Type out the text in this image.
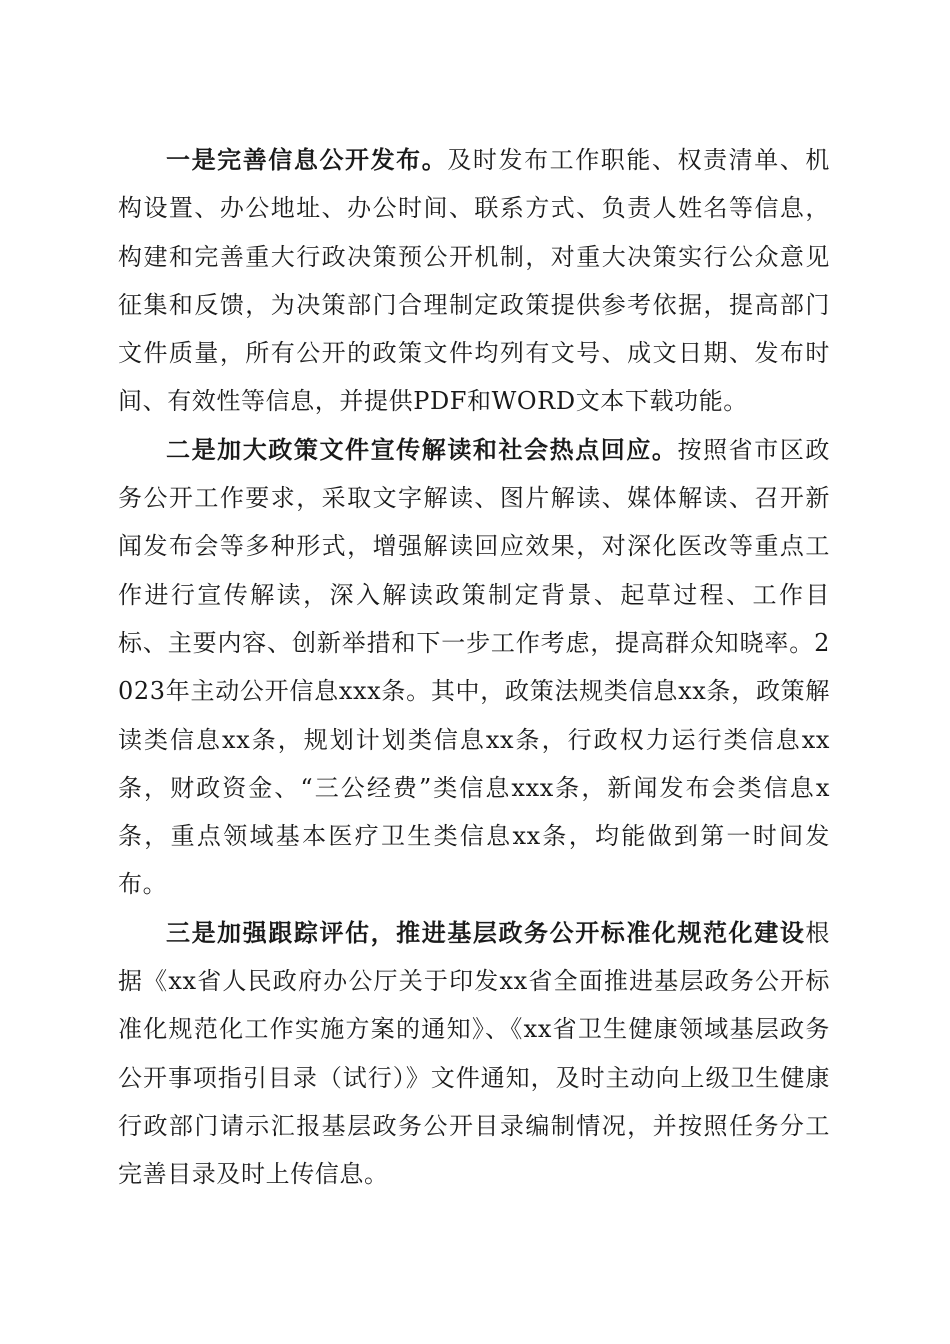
一是完善信息公开发布。及时发布工作职能、权责清单、机构设置、办公地址、办公时间、联系方式、负责人姓名等信息，构建和完善重大行政决策预公开机制，对重大决策实行公众意见征集和反馈，为决策部门合理制定政策提供参考依据，提高部门文件质量，所有公开的政策文件均列有文号、成文日期、发布时间、有效性等信息，并提供PDF和WORD文本下载功能。

二是加大政策文件宣传解读和社会热点回应。按照省市区政务公开工作要求，采取文字解读、图片解读、媒体解读、召开新闻发布会等多种形式，增强解读回应效果，对深化医改等重点工作进行宣传解读，深入解读政策制定背景、起草过程、工作目标、主要内容、创新举措和下一步工作考虑，提高群众知晓率。2023年主动公开信息xxx条。其中，政策法规类信息xx条，政策解读类信息xx条，规划计划类信息xx条，行政权力运行类信息xx条，财政资金、“三公经费”类信息xxx条，新闻发布会类信息x条，重点领域基本医疗卫生类信息xx条，均能做到第一时间发布。

三是加强跟踪评估，推进基层政务公开标准化规范化建设根据《xx省人民政府办公厅关于印发xx省全面推进基层政务公开标准化规范化工作实施方案的通知》、《xx省卫生健康领域基层政务公开事项指引目录（试行）》文件通知，及时主动向上级卫生健康行政部门请示汇报基层政务公开目录编制情况，并按照任务分工完善目录及时上传信息。
